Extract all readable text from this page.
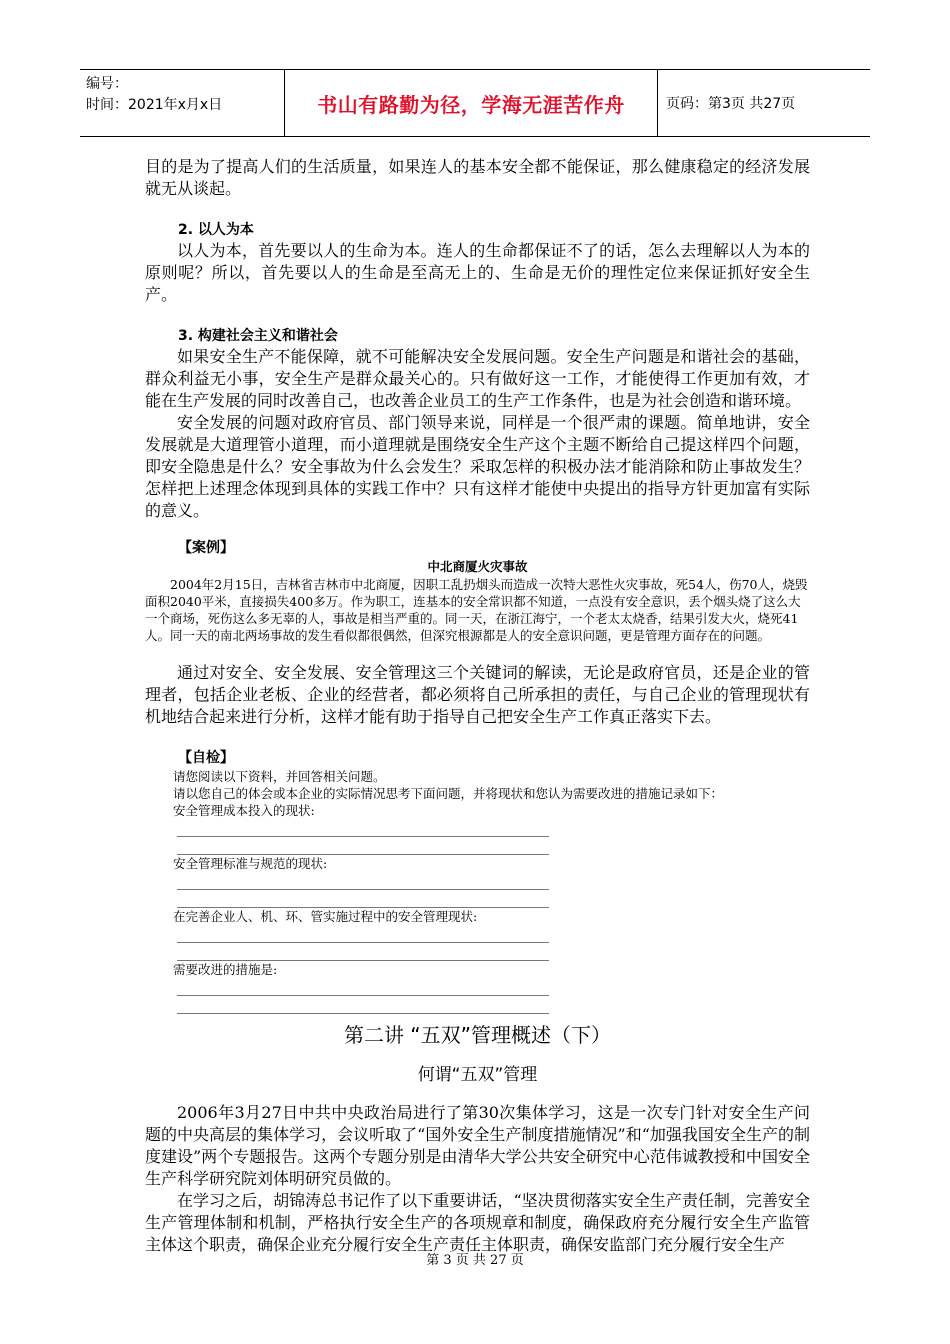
编号：
时间：2021年x月x日	书山有路勤为径，学海无涯苦作舟	页码：第3页 共27页

目的是为了提高人们的生活质量，如果连人的基本安全都不能保证，那么健康稳定的经济发展就无从谈起。

2. 以人为本

以人为本，首先要以人的生命为本。连人的生命都保证不了的话，怎么去理解以人为本的原则呢？所以，首先要以人的生命是至高无上的、生命是无价的理性定位来保证抓好安全生产。

3. 构建社会主义和谐社会

如果安全生产不能保障，就不可能解决安全发展问题。安全生产问题是和谐社会的基础，群众利益无小事，安全生产是群众最关心的。只有做好这一工作，才能使得工作更加有效，才能在生产发展的同时改善自己，也改善企业员工的生产工作条件，也是为社会创造和谐环境。

安全发展的问题对政府官员、部门领导来说，同样是一个很严肃的课题。简单地讲，安全发展就是大道理管小道理，而小道理就是围绕安全生产这个主题不断给自己提这样四个问题，即安全隐患是什么？安全事故为什么会发生？采取怎样的积极办法才能消除和防止事故发生？怎样把上述理念体现到具体的实践工作中？只有这样才能使中央提出的指导方针更加富有实际的意义。

【案例】

中北商厦火灾事故

2004年2月15日，吉林省吉林市中北商厦，因职工乱扔烟头而造成一次特大恶性火灾事故，死54人，伤70人，烧毁面积2040平米，直接损失400多万。作为职工，连基本的安全常识都不知道，一点没有安全意识，丢个烟头烧了这么大一个商场，死伤这么多无辜的人，事故是相当严重的。同一天，在浙江海宁，一个老太太烧香，结果引发大火，烧死41人。同一天的南北两场事故的发生看似都很偶然，但深究根源都是人的安全意识问题，更是管理方面存在的问题。

通过对安全、安全发展、安全管理这三个关键词的解读，无论是政府官员，还是企业的管理者，包括企业老板、企业的经营者，都必须将自己所承担的责任，与自己企业的管理现状有机地结合起来进行分析，这样才能有助于指导自己把安全生产工作真正落实下去。

【自检】

请您阅读以下资料，并回答相关问题。

请以您自己的体会或本企业的实际情况思考下面问题，并将现状和您认为需要改进的措施记录如下：

安全管理成本投入的现状:

安全管理标准与规范的现状:

在完善企业人、机、环、管实施过程中的安全管理现状:

需要改进的措施是:

第二讲 “五双”管理概述（下）

何谓“五双”管理

2006年3月27日中共中央政治局进行了第30次集体学习，这是一次专门针对安全生产问题的中央高层的集体学习，会议听取了“国外安全生产制度措施情况”和“加强我国安全生产的制度建设”两个专题报告。这两个专题分别是由清华大学公共安全研究中心范伟诚教授和中国安全生产科学研究院刘体明研究员做的。

在学习之后，胡锦涛总书记作了以下重要讲话，“坚决贯彻落实安全生产责任制，完善安全生产管理体制和机制，严格执行安全生产的各项规章和制度，确保政府充分履行安全生产监管主体这个职责，确保企业充分履行安全生产责任主体职责，确保安监部门充分履行安全生产

第 3 页 共 27 页
